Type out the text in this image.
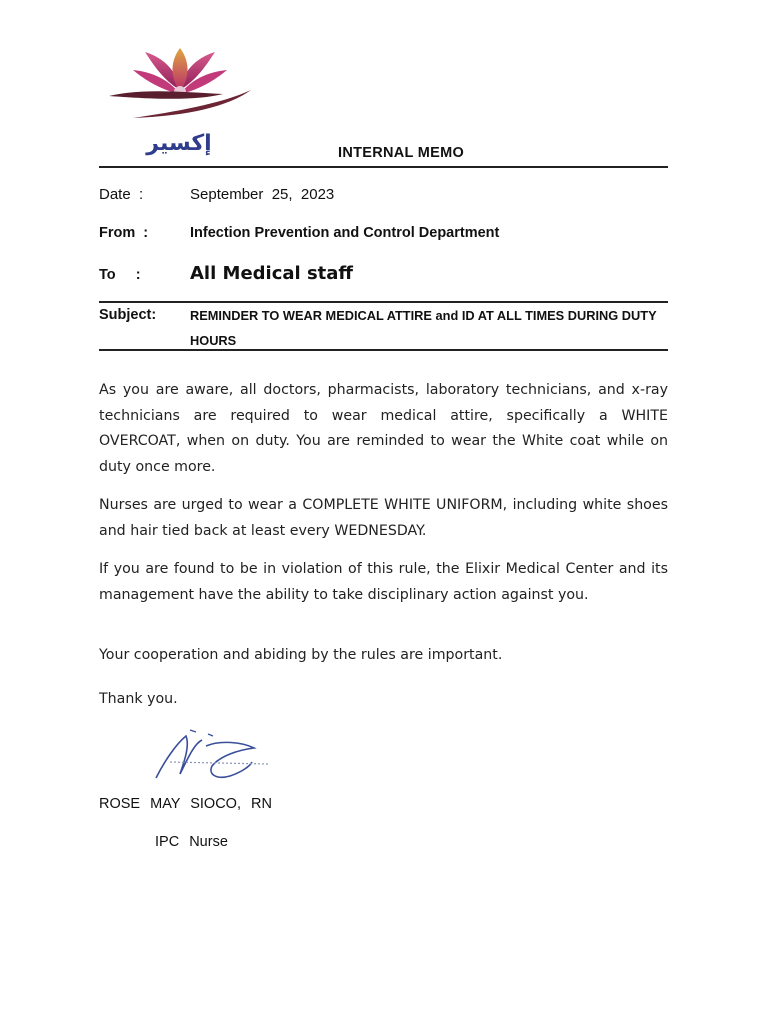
إكسير	INTERNAL MEMO
Date  :	September  25,  2023
From  :	Infection Prevention and Control Department
To     :	All Medical staff
Subject:	REMINDER TO WEAR MEDICAL ATTIRE and ID AT ALL TIMES DURING DUTY HOURS
As you are aware, all doctors, pharmacists, laboratory technicians, and x-ray technicians are required to wear medical attire, specifically a WHITE OVERCOAT, when on duty. You are reminded to wear the White coat while on duty once more.
Nurses are urged to wear a COMPLETE WHITE UNIFORM, including white shoes and hair tied back at least every WEDNESDAY.
If you are found to be in violation of this rule, the Elixir Medical Center and its management have the ability to take disciplinary action against you.
Your cooperation and abiding by the rules are important.
Thank you.
ROSE MAY SIOCO, RN
IPC Nurse
